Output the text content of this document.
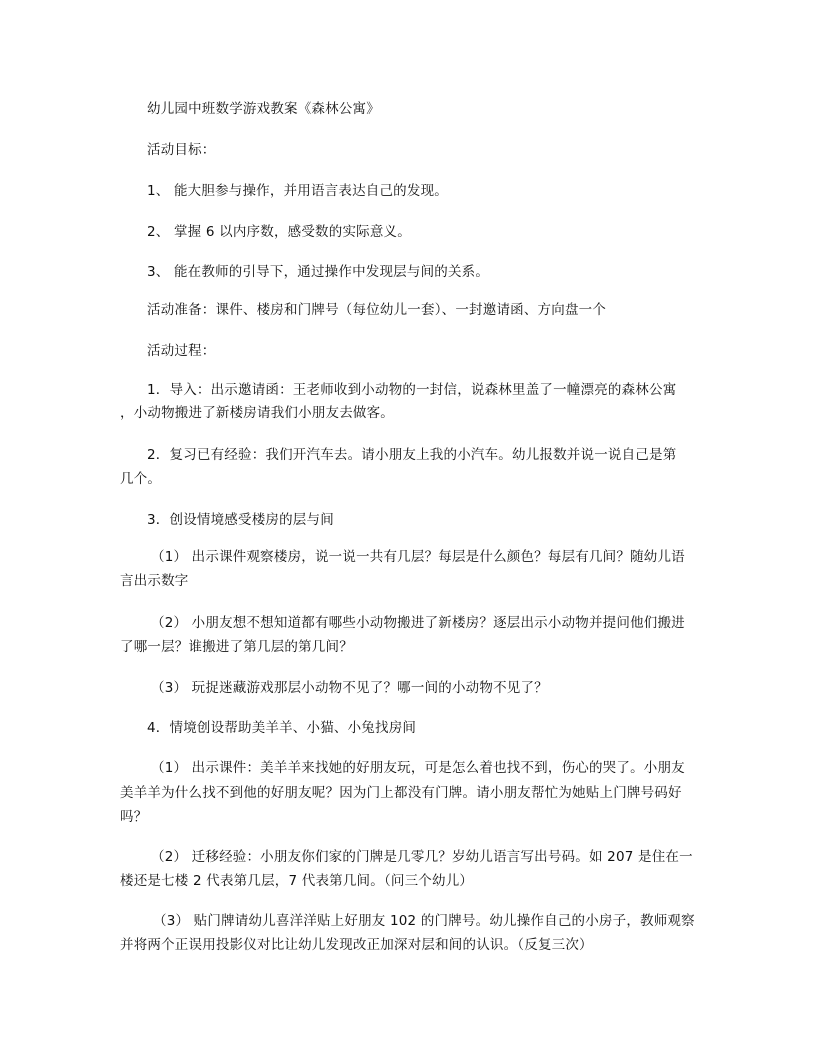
幼儿园中班数学游戏教案《森林公寓》
活动目标：
1、 能大胆参与操作，并用语言表达自己的发现。
2、 掌握 6 以内序数，感受数的实际意义。
3、 能在教师的引导下，通过操作中发现层与间的关系。
活动准备：课件、楼房和门牌号（每位幼儿一套）、一封邀请函、方向盘一个
活动过程：
1．导入：出示邀请函：王老师收到小动物的一封信，说森林里盖了一幢漂亮的森林公寓
，小动物搬进了新楼房请我们小朋友去做客。
2．复习已有经验：我们开汽车去。请小朋友上我的小汽车。幼儿报数并说一说自己是第
几个。
3．创设情境感受楼房的层与间
（1） 出示课件观察楼房，说一说一共有几层？每层是什么颜色？每层有几间？随幼儿语
言出示数字
（2） 小朋友想不想知道都有哪些小动物搬进了新楼房？逐层出示小动物并提问他们搬进
了哪一层？谁搬进了第几层的第几间？
（3） 玩捉迷藏游戏那层小动物不见了？哪一间的小动物不见了？
4．情境创设帮助美羊羊、小猫、小兔找房间
（1） 出示课件：美羊羊来找她的好朋友玩，可是怎么着也找不到，伤心的哭了。小朋友
美羊羊为什么找不到他的好朋友呢？因为门上都没有门牌。请小朋友帮忙为她贴上门牌号码好
吗？
（2） 迁移经验：小朋友你们家的门牌是几零几？岁幼儿语言写出号码。如 207 是住在一
楼还是七楼 2 代表第几层，7 代表第几间。（问三个幼儿）
（3） 贴门牌请幼儿喜洋洋贴上好朋友 102 的门牌号。幼儿操作自己的小房子，教师观察
并将两个正误用投影仪对比让幼儿发现改正加深对层和间的认识。（反复三次）
